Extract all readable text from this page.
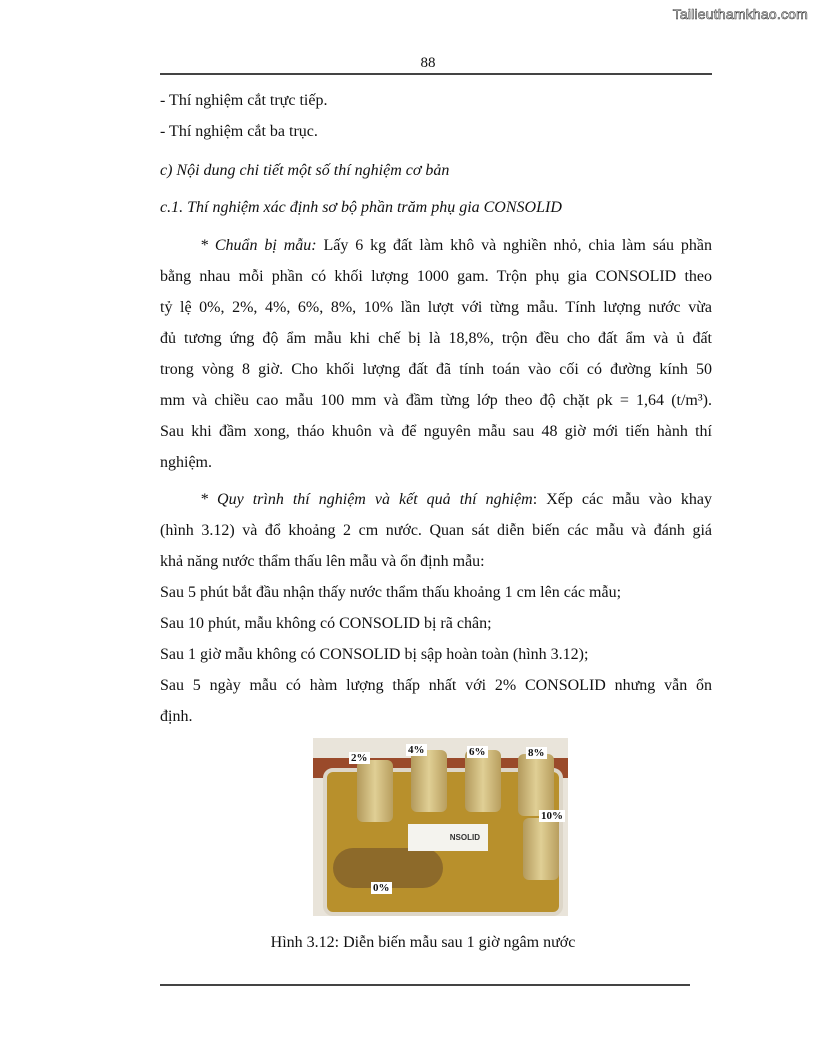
Tailieuthamkhao.com
88
- Thí nghiệm cắt trực tiếp.
- Thí nghiệm cắt ba trục.
c) Nội dung chi tiết một số thí nghiệm cơ bản
c.1. Thí nghiệm xác định sơ bộ phần trăm phụ gia CONSOLID
* Chuẩn bị mẫu: Lấy 6 kg đất làm khô và nghiền nhỏ, chia làm sáu phần
bằng nhau mỗi phần có khối lượng 1000 gam. Trộn phụ gia CONSOLID theo
tỷ lệ 0%, 2%, 4%, 6%, 8%, 10% lần lượt với từng mẫu. Tính lượng nước vừa
đủ tương ứng độ ẩm mẫu khi chế bị là 18,8%, trộn đều cho đất ẩm và ủ đất
trong vòng 8 giờ. Cho khối lượng đất đã tính toán vào cối có đường kính 50
mm và chiều cao mẫu 100 mm và đầm từng lớp theo độ chặt ρk = 1,64 (t/m³).
Sau khi đầm xong, tháo khuôn và để nguyên mẫu sau 48 giờ mới tiến hành thí
nghiệm.
* Quy trình thí nghiệm và kết quả thí nghiệm: Xếp các mẫu vào khay
(hình 3.12) và đổ khoảng 2 cm nước. Quan sát diễn biến các mẫu và đánh giá
khả năng nước thẩm thấu lên mẫu và ổn định mẫu:
Sau 5 phút bắt đầu nhận thấy nước thẩm thấu khoảng 1 cm lên các mẫu;
Sau 10 phút, mẫu không có CONSOLID bị rã chân;
Sau 1 giờ mẫu không có CONSOLID bị sập hoàn toàn (hình 3.12);
Sau 5 ngày mẫu có hàm lượng thấp nhất với 2% CONSOLID nhưng vẫn ổn
định.
NSOLID
2%
4%	6%	8%
10%
0%
Hình 3.12: Diễn biến mẫu sau 1 giờ ngâm nước
